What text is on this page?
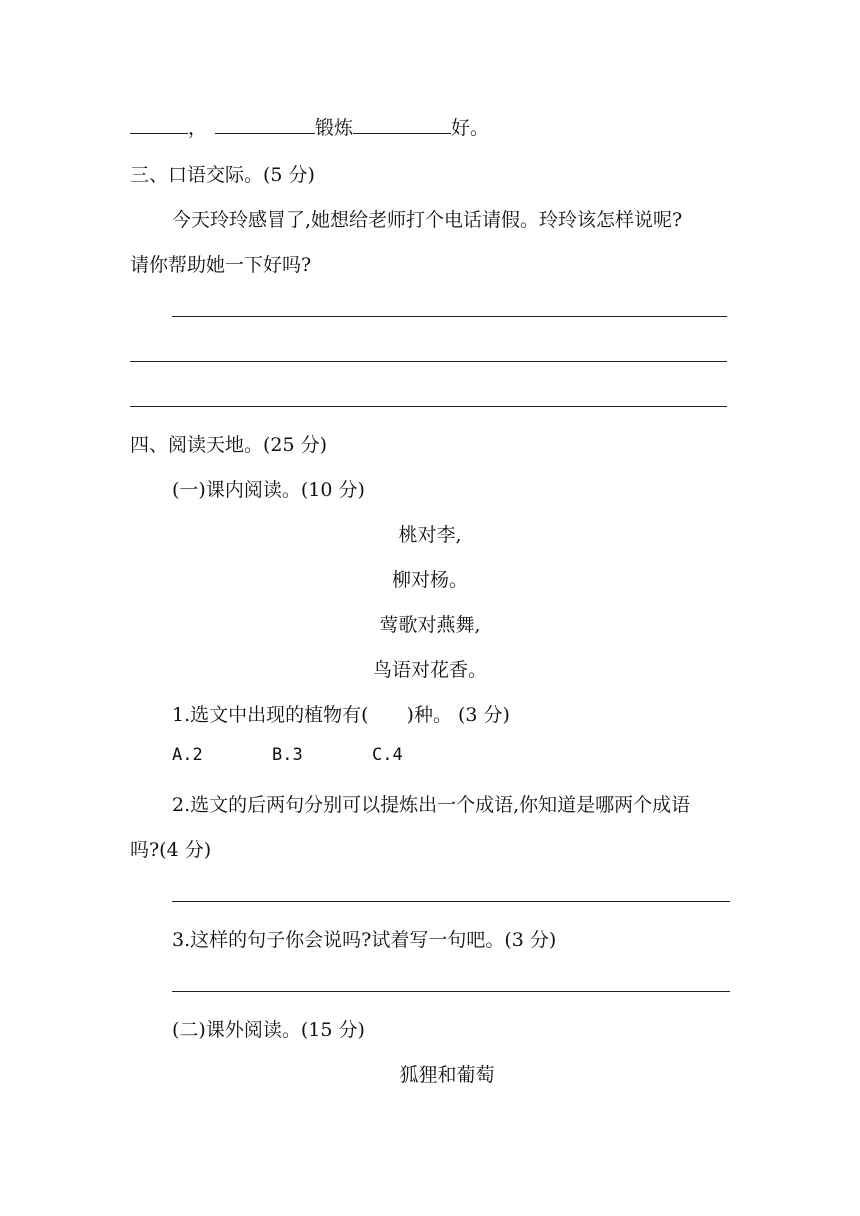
，	锻炼	好。
三、口语交际。(5 分)
今天玲玲感冒了,她想给老师打个电话请假。玲玲该怎样说呢?
请你帮助她一下好吗?
四、阅读天地。(25 分)
(一)课内阅读。(10 分)
桃对李,
柳对杨。
莺歌对燕舞,
鸟语对花香。
1.选文中出现的植物有(　　)种。 (3 分)
A.2	B.3	C.4
2.选文的后两句分别可以提炼出一个成语,你知道是哪两个成语
吗?(4 分)
3.这样的句子你会说吗?试着写一句吧。(3 分)
(二)课外阅读。(15 分)
狐狸和葡萄
